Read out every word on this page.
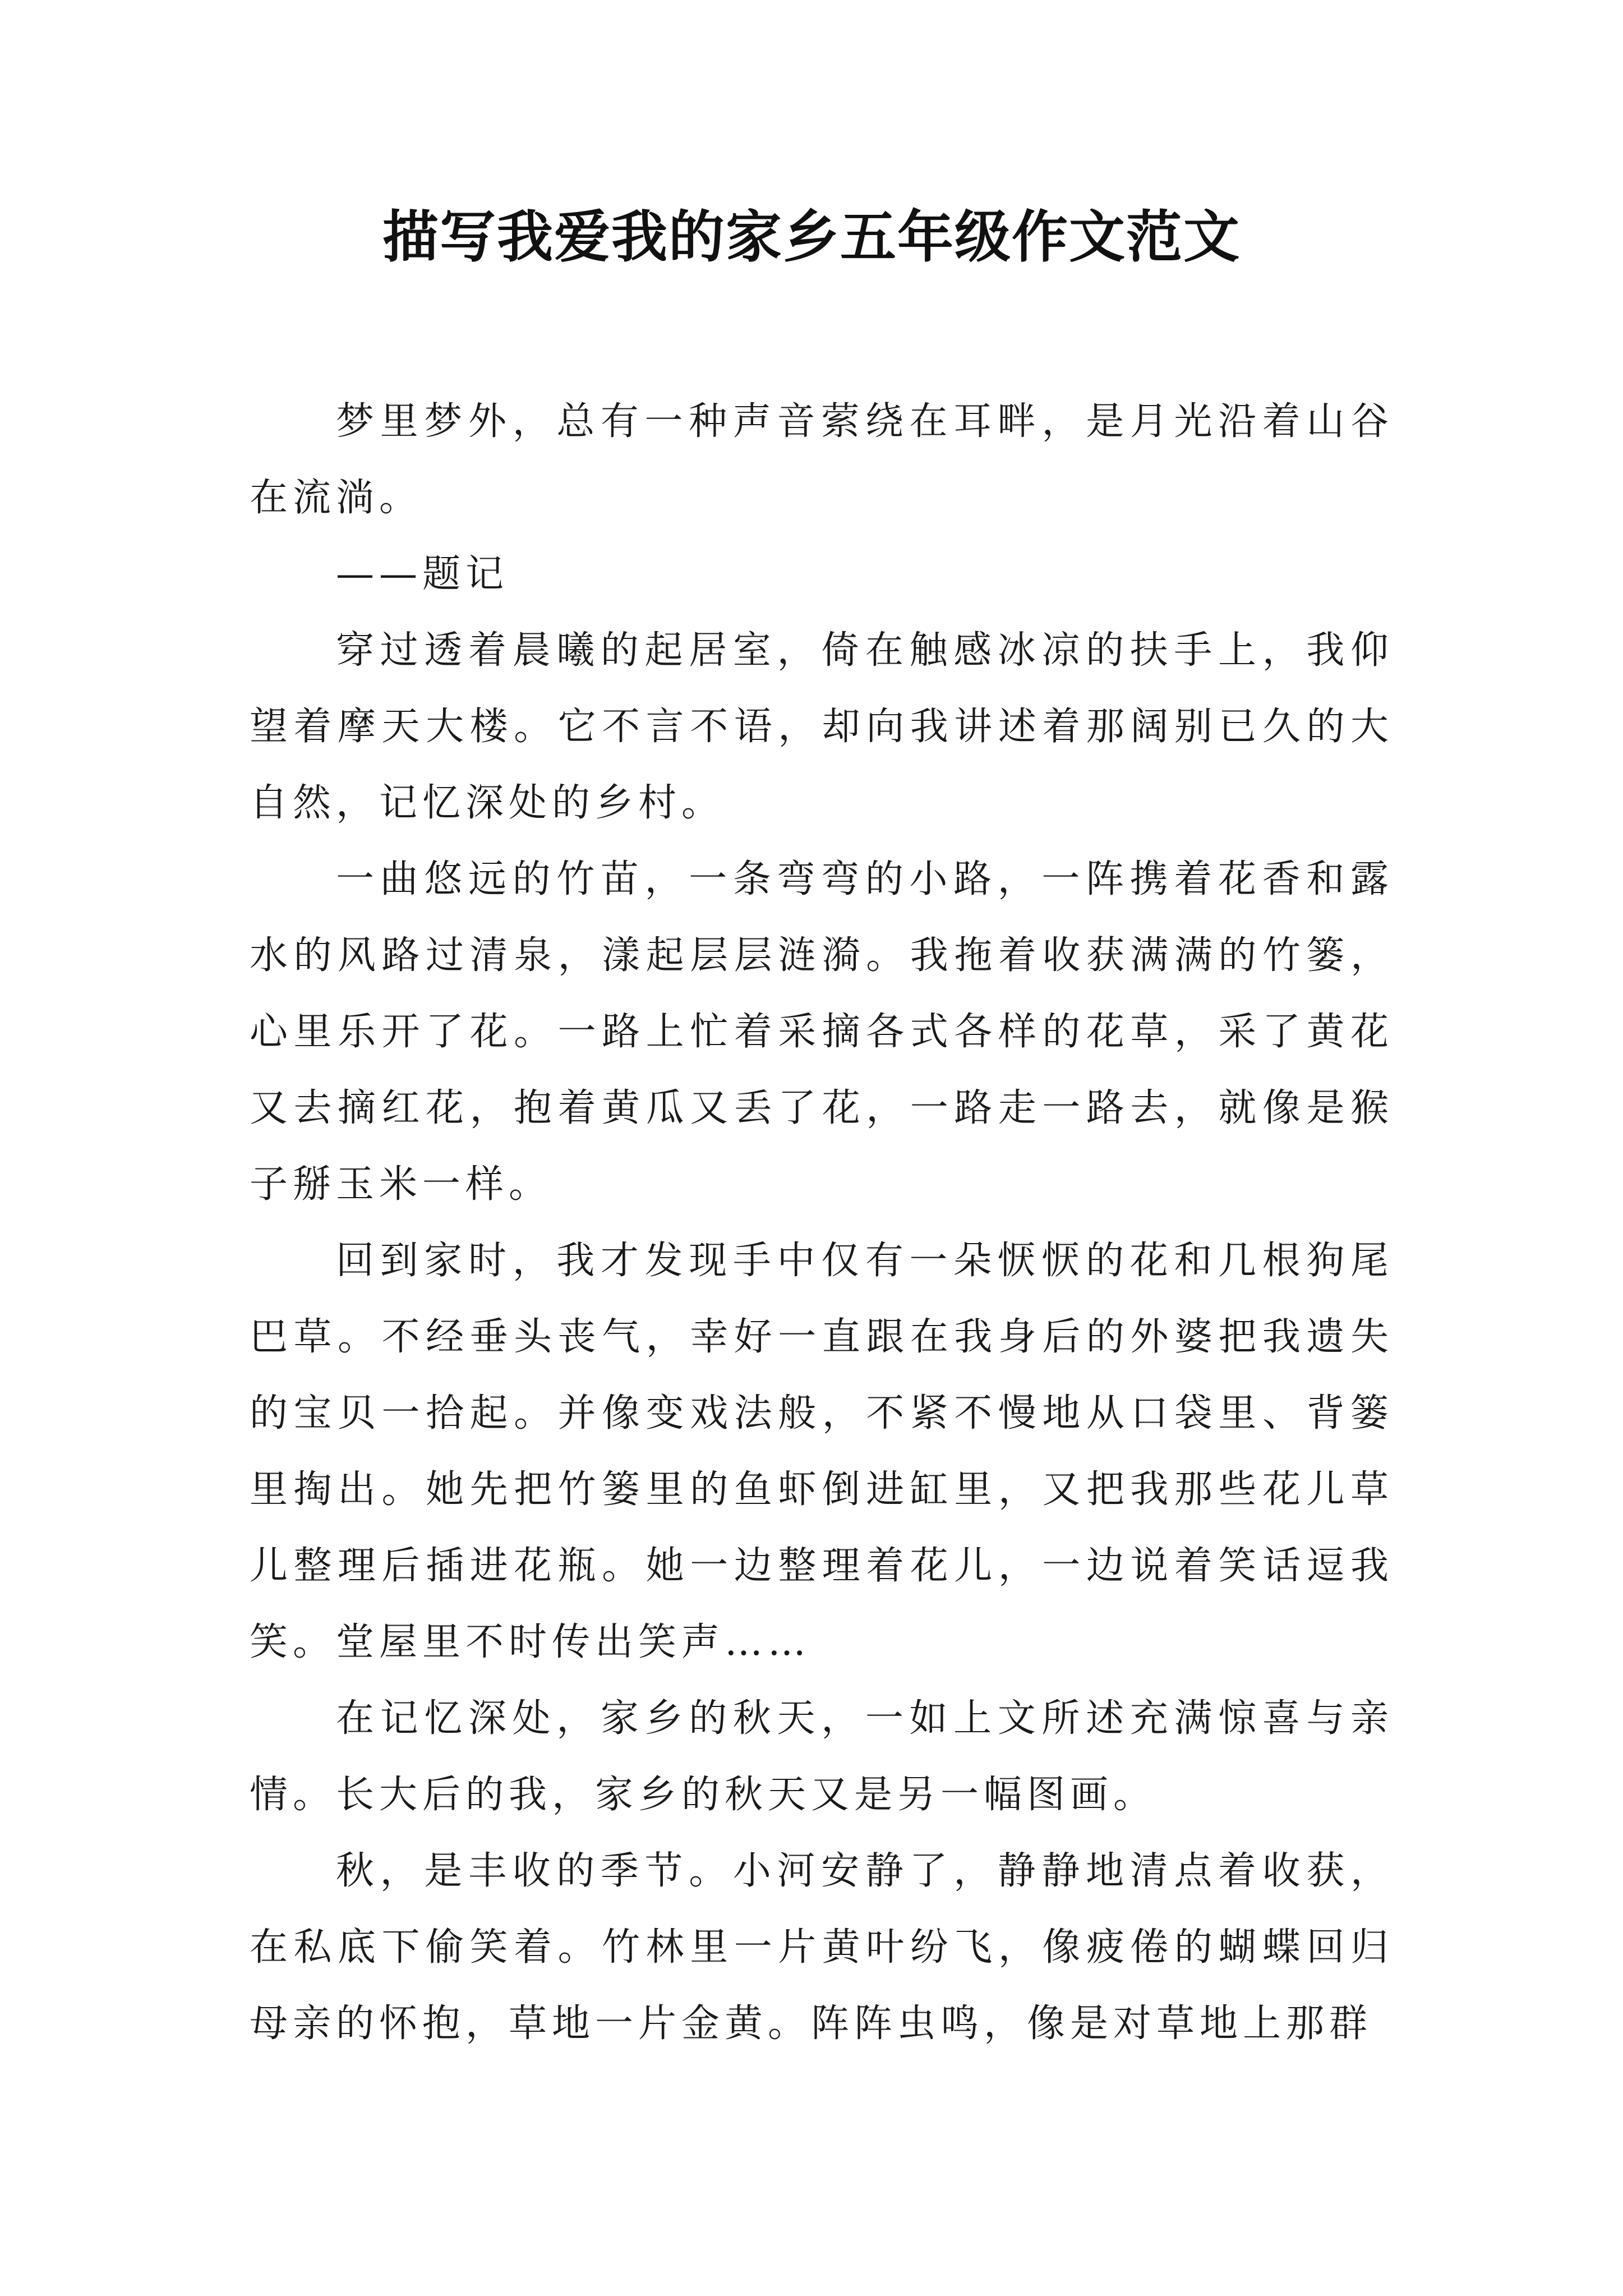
描写我爱我的家乡五年级作文范文

梦里梦外，总有一种声音萦绕在耳畔，是月光沿着山谷在流淌。

——题记

穿过透着晨曦的起居室，倚在触感冰凉的扶手上，我仰望着摩天大楼。它不言不语，却向我讲述着那阔别已久的大自然，记忆深处的乡村。

一曲悠远的竹苗，一条弯弯的小路，一阵携着花香和露水的风路过清泉，漾起层层涟漪。我拖着收获满满的竹篓，心里乐开了花。一路上忙着采摘各式各样的花草，采了黄花又去摘红花，抱着黄瓜又丢了花，一路走一路去，就像是猴子掰玉米一样。

回到家时，我才发现手中仅有一朵恹恹的花和几根狗尾巴草。不经垂头丧气，幸好一直跟在我身后的外婆把我遗失的宝贝一拾起。并像变戏法般，不紧不慢地从口袋里、背篓里掏出。她先把竹篓里的鱼虾倒进缸里，又把我那些花儿草儿整理后插进花瓶。她一边整理着花儿，一边说着笑话逗我笑。堂屋里不时传出笑声……

在记忆深处，家乡的秋天，一如上文所述充满惊喜与亲情。长大后的我，家乡的秋天又是另一幅图画。

秋，是丰收的季节。小河安静了，静静地清点着收获，在私底下偷笑着。竹林里一片黄叶纷飞，像疲倦的蝴蝶回归母亲的怀抱，草地一片金黄。阵阵虫鸣，像是对草地上那群
